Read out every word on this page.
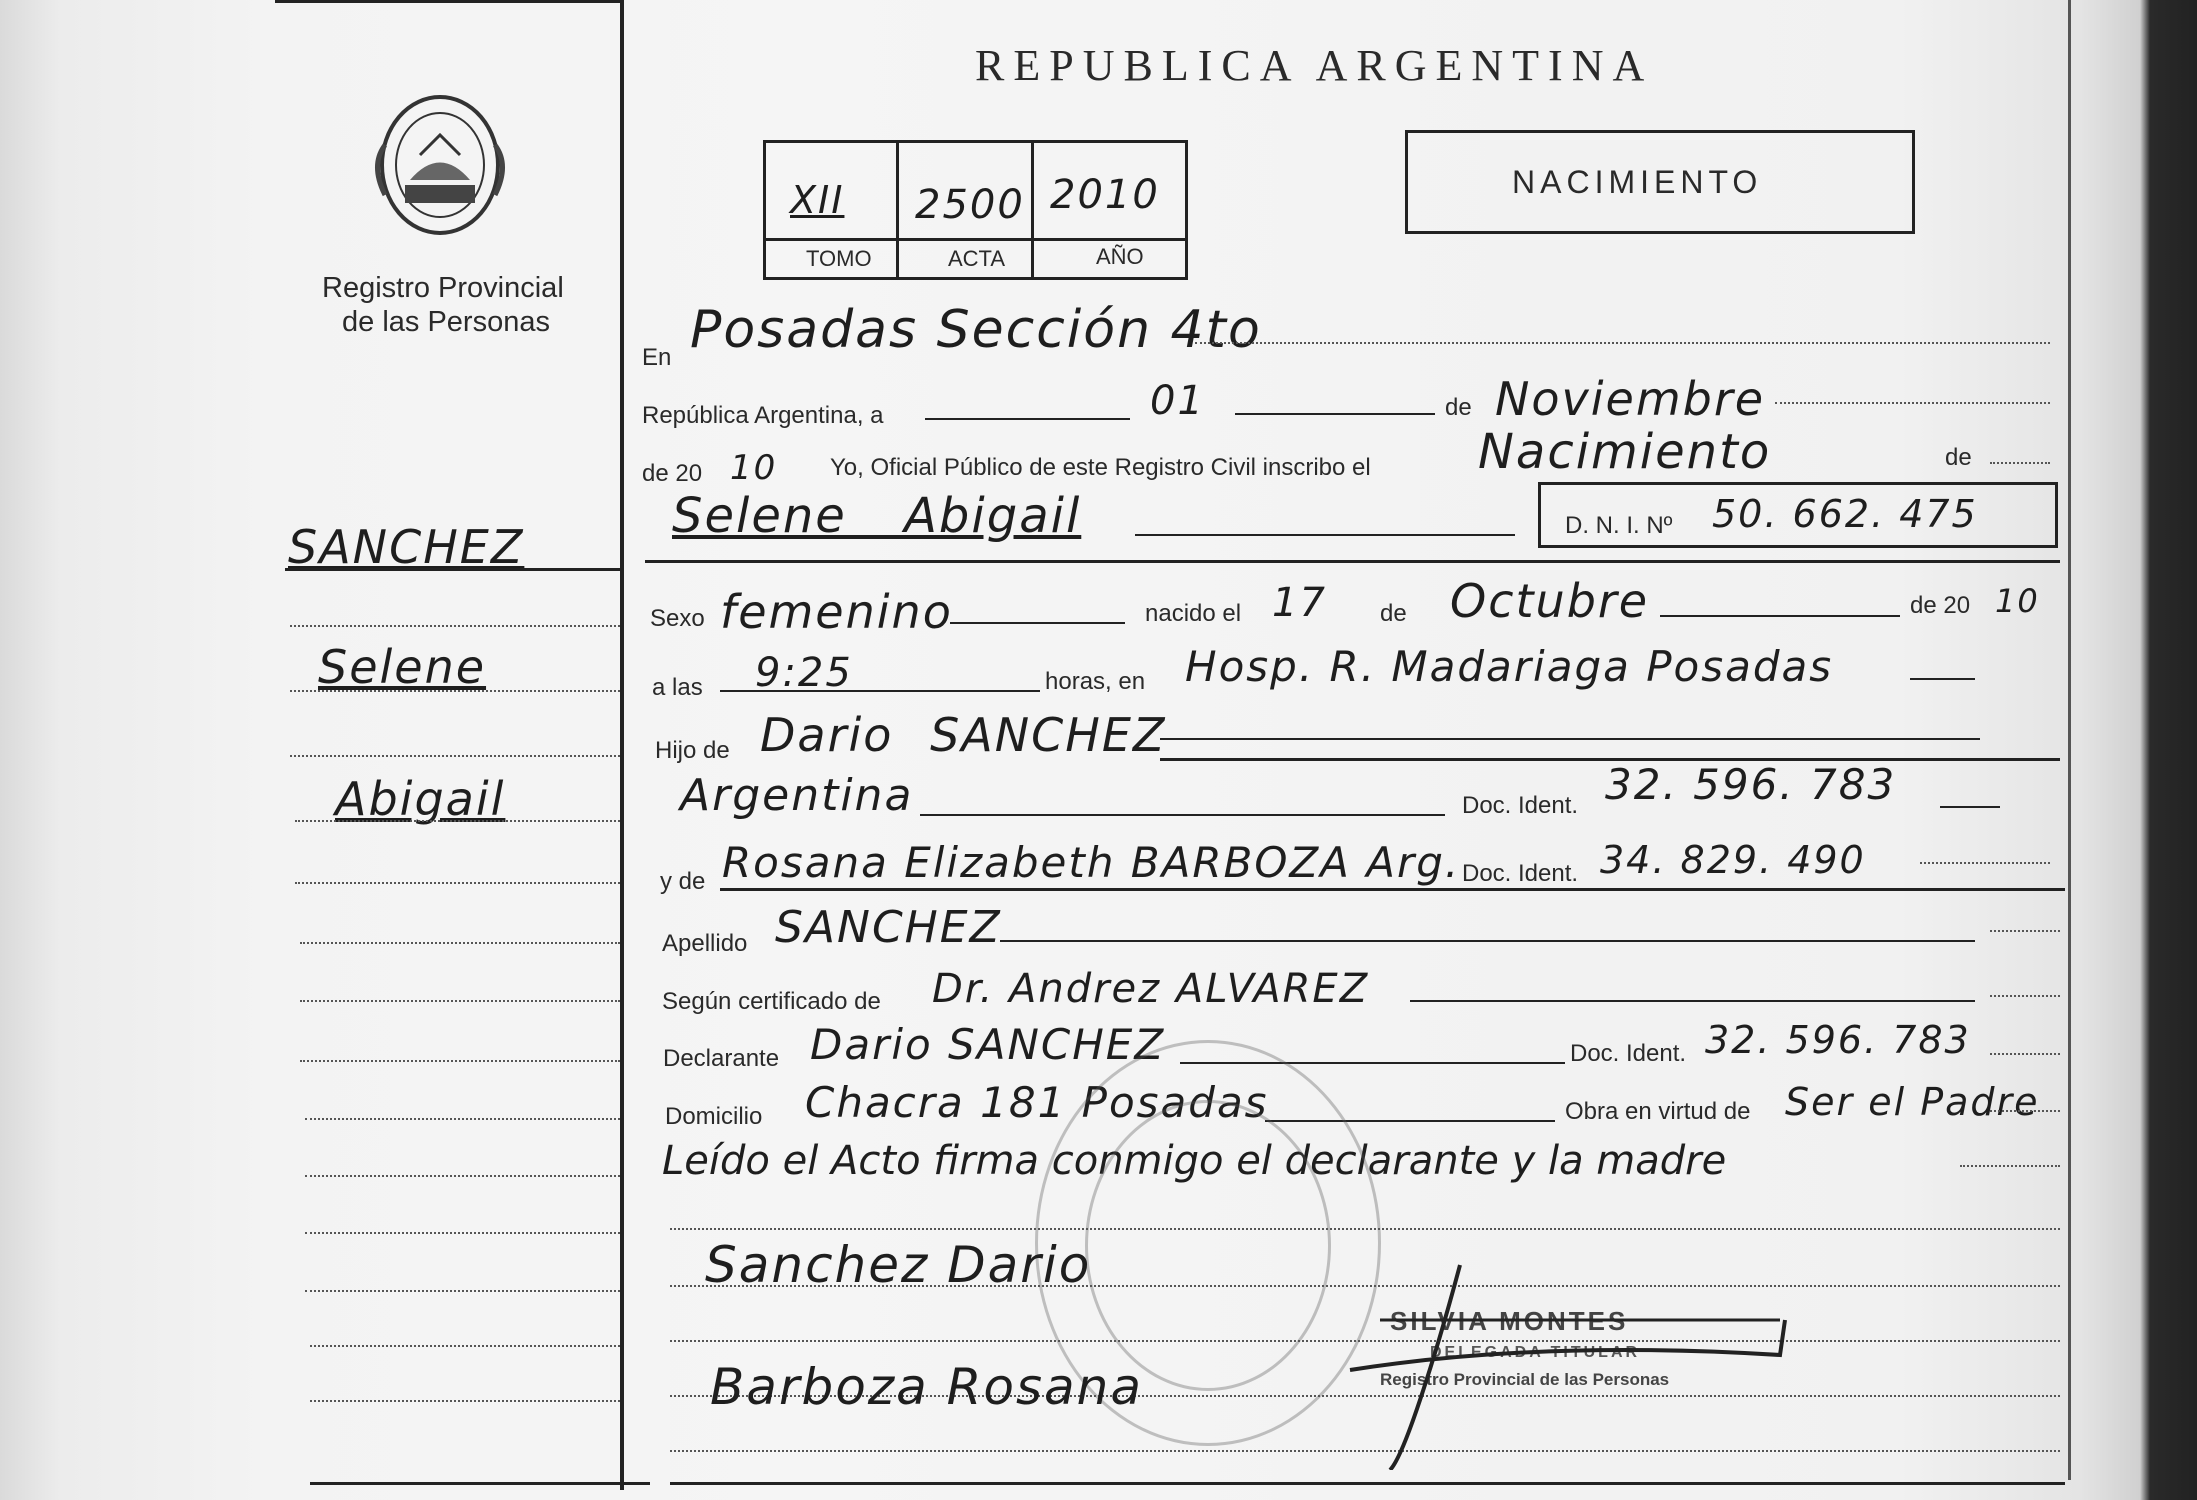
Registro Provincial
de las Personas
REPUBLICA ARGENTINA
XII 2500 2010
TOMO	ACTA	AÑO
NACIMIENTO
SANCHEZ
Selene
Abigail
En Posadas Sección 4to
República Argentina, a	01	de Noviembre
de 20 10 Yo, Oficial Público de este Registro Civil inscribo el Nacimiento	de
Selene Abigail	D. N. I. Nº 50. 662. 475
Sexo femenino	nacido el 17 de Octubre	de 20 10
a las 9:25	horas, en Hosp. R. Madariaga Posadas
Hijo de Dario SANCHEZ
Argentina	Doc. Ident. 32. 596. 783
y de Rosana Elizabeth BARBOZA Arg. Doc. Ident. 34. 829. 490
Apellido SANCHEZ
Según certificado de Dr. Andrez ALVAREZ
Declarante Dario SANCHEZ	Doc. Ident. 32. 596. 783
Domicilio Chacra 181 Posadas	Obra en virtud de Ser el Padre
Leído el Acto firma conmigo el declarante y la madre
Sanchez Dario
Barboza Rosana
SILVIA MONTES
DELEGADA TITULAR
Registro Provincial de las Personas
